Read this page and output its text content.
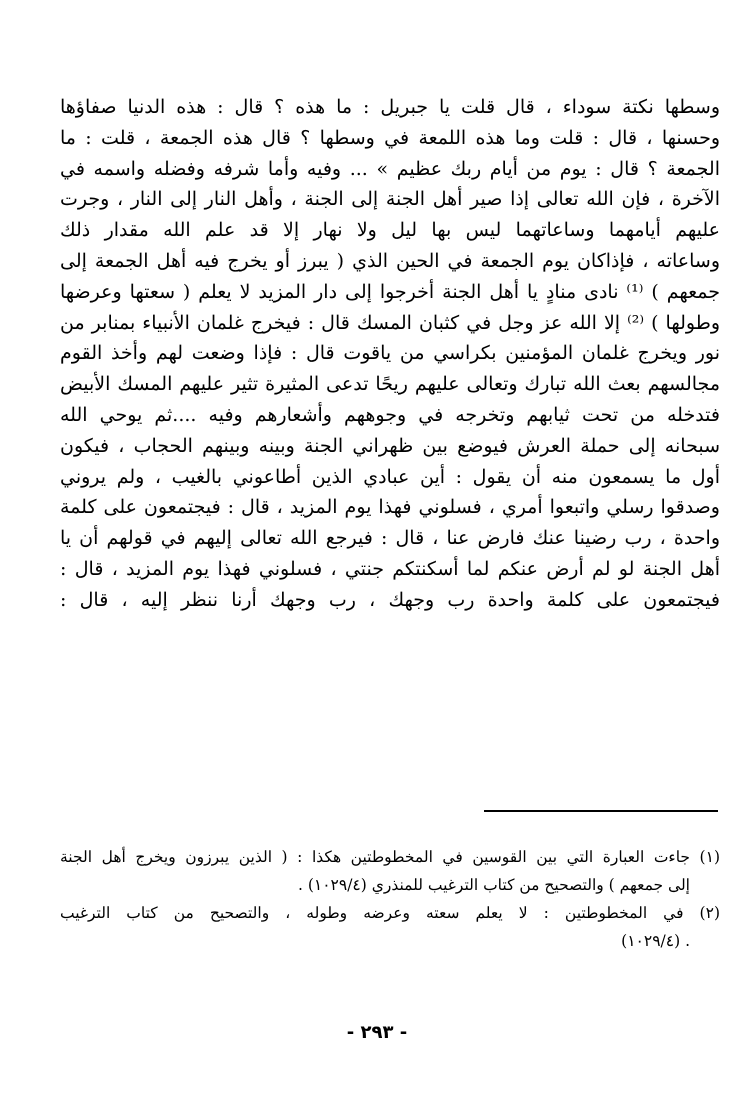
وسطها نكتة سوداء ، قال قلت يا جبريل : ما هذه ؟ قال : هذه الدنيا صفاؤها
وحسنها ، قال : قلت وما هذه اللمعة في وسطها ؟ قال هذه الجمعة ، قلت : ما
الجمعة ؟ قال : يوم من أيام ربك عظيم » ... وفيه وأما شرفه وفضله واسمه في
الآخرة ، فإن الله تعالى إذا صير أهل الجنة إلى الجنة ، وأهل النار إلى النار ، وجرت
عليهم أيامهما وساعاتهما ليس بها ليل ولا نهار إلا قد علم الله مقدار ذلك
وساعاته ، فإذاكان يوم الجمعة في الحين الذي ( يبرز أو يخرج فيه أهل الجمعة إلى
جمعهم ) ⁽¹⁾ نادى منادٍ يا أهل الجنة أخرجوا إلى دار المزيد لا يعلم ( سعتها وعرضها
وطولها ) ⁽²⁾ إلا الله عز وجل في كثبان المسك قال : فيخرج غلمان الأنبياء بمنابر من
نور ويخرج غلمان المؤمنين بكراسي من ياقوت قال : فإذا وضعت لهم وأخذ القوم
مجالسهم بعث الله تبارك وتعالى عليهم ريحًا تدعى المثيرة تثير عليهم المسك الأبيض
فتدخله من تحت ثيابهم وتخرجه في وجوههم وأشعارهم وفيه ....ثم يوحي الله
سبحانه إلى حملة العرش فيوضع بين ظهراني الجنة وبينه وبينهم الحجاب ، فيكون
أول ما يسمعون منه أن يقول : أين عبادي الذين أطاعوني بالغيب ، ولم يروني
وصدقوا رسلي واتبعوا أمري ، فسلوني فهذا يوم المزيد ، قال : فيجتمعون على كلمة
واحدة ، رب رضينا عنك فارض عنا ، قال : فيرجع الله تعالى إليهم في قولهم أن يا
أهل الجنة لو لم أرض عنكم لما أسكنتكم جنتي ، فسلوني فهذا يوم المزيد ، قال :
فيجتمعون على كلمة واحدة رب وجهك ، رب وجهك أرنا ننظر إليه ، قال :
(١) جاءت العبارة التي بين القوسين في المخطوطتين هكذا : ( الذين يبرزون ويخرج أهل الجنة
إلى جمعهم ) والتصحيح من كتاب الترغيب للمنذري (١٠٢٩/٤) .
(٢) في المخطوطتين : لا يعلم سعته وعرضه وطوله ، والتصحيح من كتاب الترغيب
. (١٠٢٩/٤)
- ٢٩٣ -
